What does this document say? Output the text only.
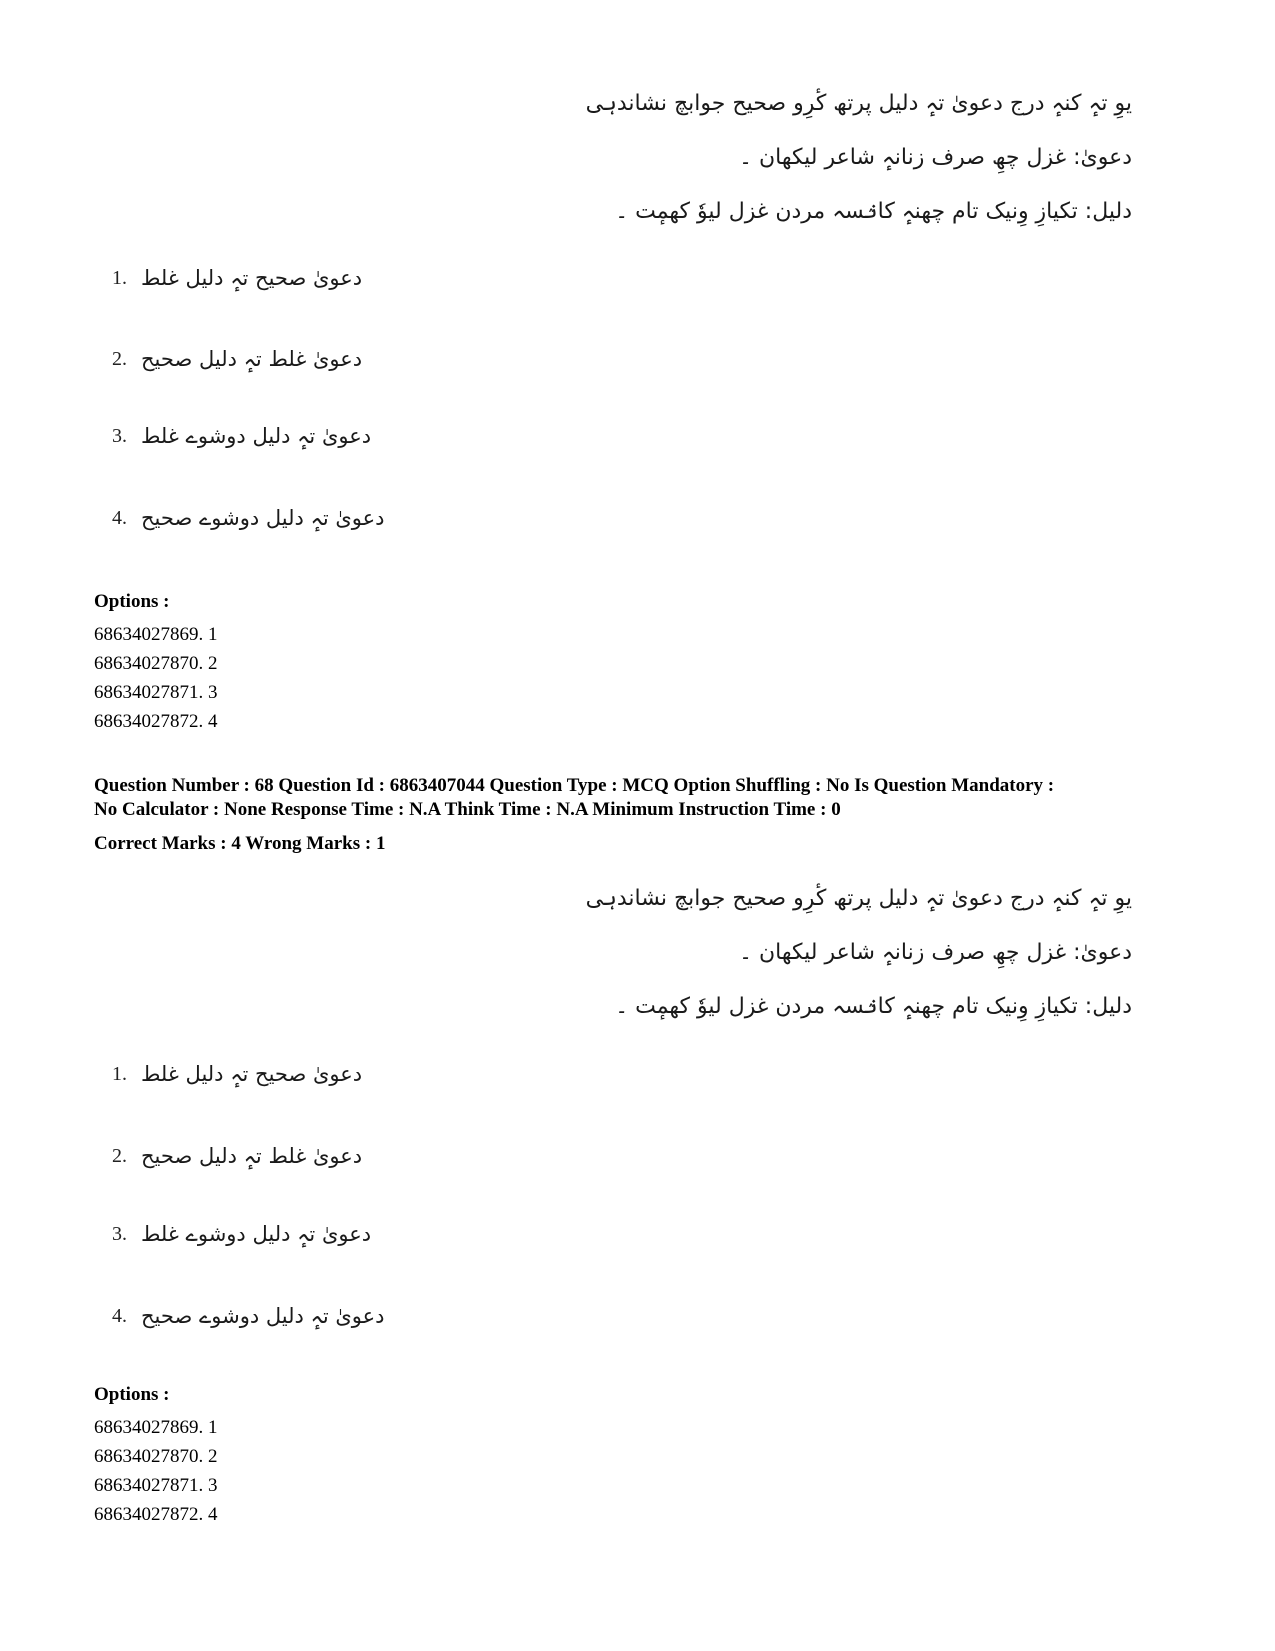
یوِ تہٕ کنہٕ درج دعویٰ تہٕ دلیل پرتھ کٔرِو صحیح جوابچ نشاندہی
دعویٰ: غزل چھِ صرف زنانہٕ شاعر لیکھان ۔
دلیل: تکیازِ وِنیک تام چھنہٕ کانٛسہ مردن غزل لیوٗ کھمٕت ۔
1. دعویٰ صحیح تہٕ دلیل غلط
2. دعویٰ غلط تہٕ دلیل صحیح
3. دعویٰ تہٕ دلیل دوشوے غلط
4. دعویٰ تہٕ دلیل دوشوے صحیح
Options :
68634027869. 1
68634027870. 2
68634027871. 3
68634027872. 4
Question Number : 68 Question Id : 6863407044 Question Type : MCQ Option Shuffling : No Is Question Mandatory :
No Calculator : None Response Time : N.A Think Time : N.A Minimum Instruction Time : 0
Correct Marks : 4 Wrong Marks : 1
یوِ تہٕ کنہٕ درج دعویٰ تہٕ دلیل پرتھ کٔرِو صحیح جوابچ نشاندہی
دعویٰ: غزل چھِ صرف زنانہٕ شاعر لیکھان ۔
دلیل: تکیازِ وِنیک تام چھنہٕ کانٛسہ مردن غزل لیوٗ کھمٕت ۔
1. دعویٰ صحیح تہٕ دلیل غلط
2. دعویٰ غلط تہٕ دلیل صحیح
3. دعویٰ تہٕ دلیل دوشوے غلط
4. دعویٰ تہٕ دلیل دوشوے صحیح
Options :
68634027869. 1
68634027870. 2
68634027871. 3
68634027872. 4
